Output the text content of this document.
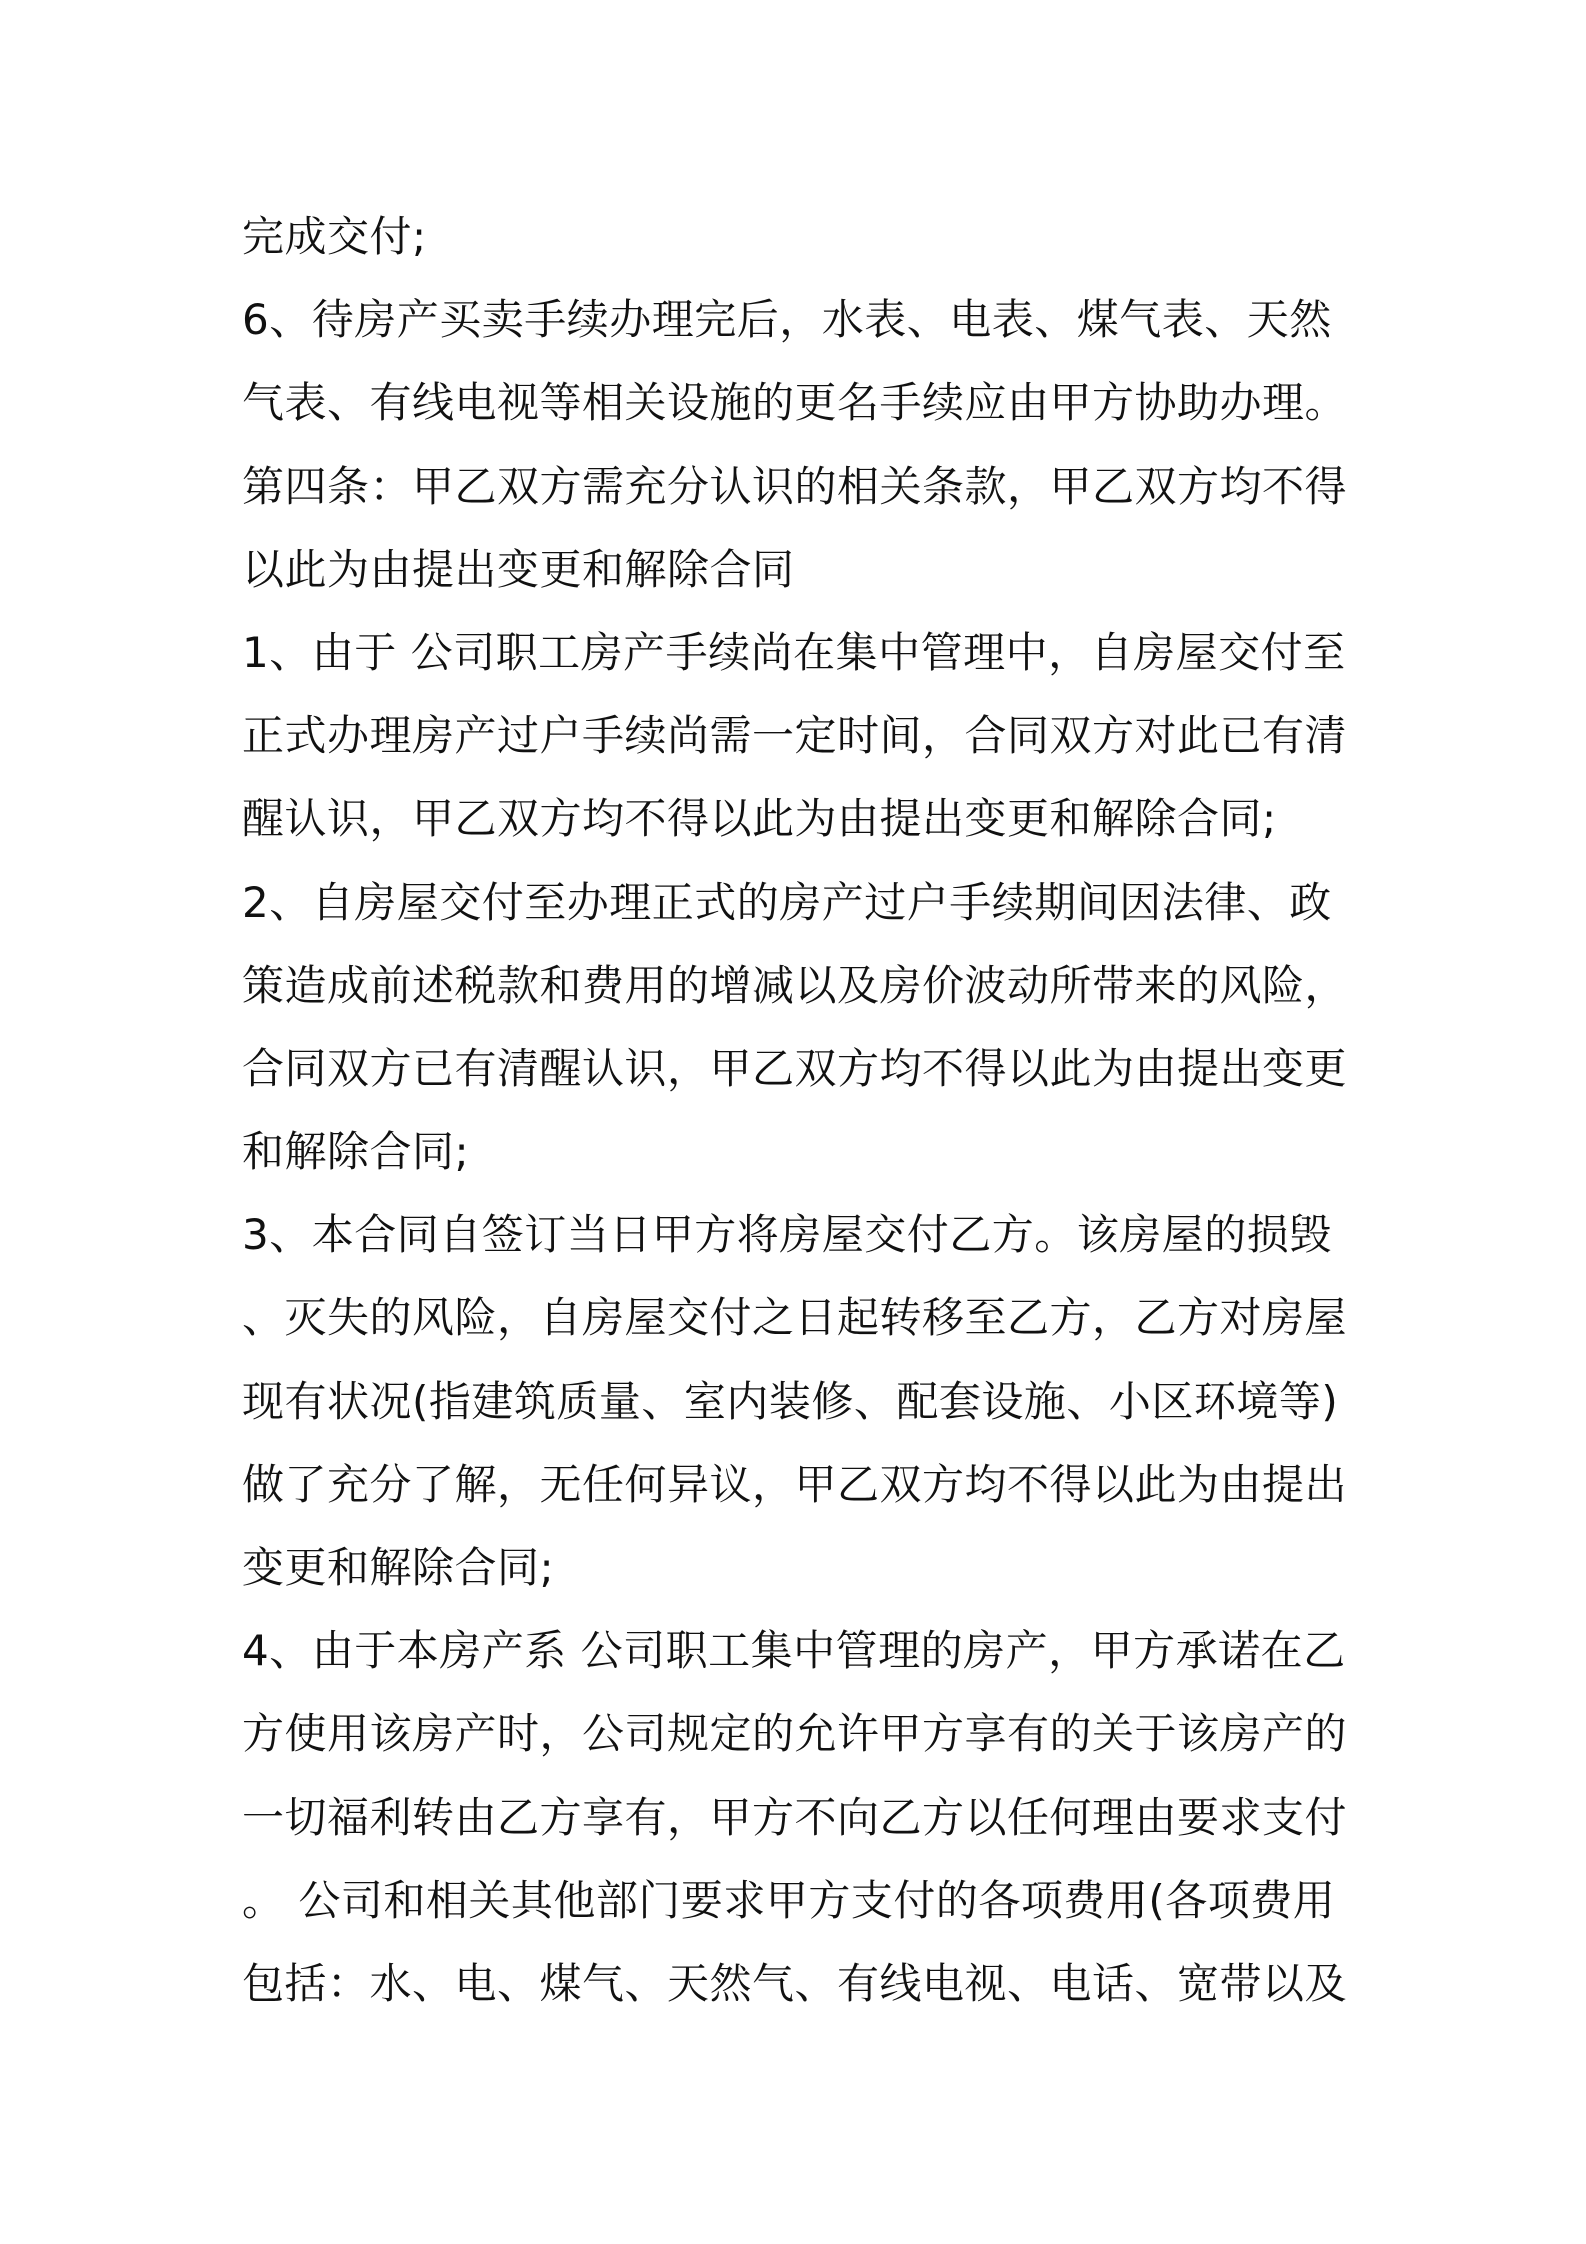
完成交付;
6、待房产买卖手续办理完后，水表、电表、煤气表、天然
气表、有线电视等相关设施的更名手续应由甲方协助办理。
第四条：甲乙双方需充分认识的相关条款，甲乙双方均不得
以此为由提出变更和解除合同
1、由于 公司职工房产手续尚在集中管理中，自房屋交付至
正式办理房产过户手续尚需一定时间，合同双方对此已有清
醒认识，甲乙双方均不得以此为由提出变更和解除合同;
2、自房屋交付至办理正式的房产过户手续期间因法律、政
策造成前述税款和费用的增减以及房价波动所带来的风险，
合同双方已有清醒认识，甲乙双方均不得以此为由提出变更
和解除合同;
3、本合同自签订当日甲方将房屋交付乙方。该房屋的损毁
、灭失的风险，自房屋交付之日起转移至乙方，乙方对房屋
现有状况(指建筑质量、室内装修、配套设施、小区环境等)
做了充分了解，无任何异议，甲乙双方均不得以此为由提出
变更和解除合同;
4、由于本房产系 公司职工集中管理的房产，甲方承诺在乙
方使用该房产时，公司规定的允许甲方享有的关于该房产的
一切福利转由乙方享有，甲方不向乙方以任何理由要求支付
。 公司和相关其他部门要求甲方支付的各项费用(各项费用
包括：水、电、煤气、天然气、有线电视、电话、宽带以及
